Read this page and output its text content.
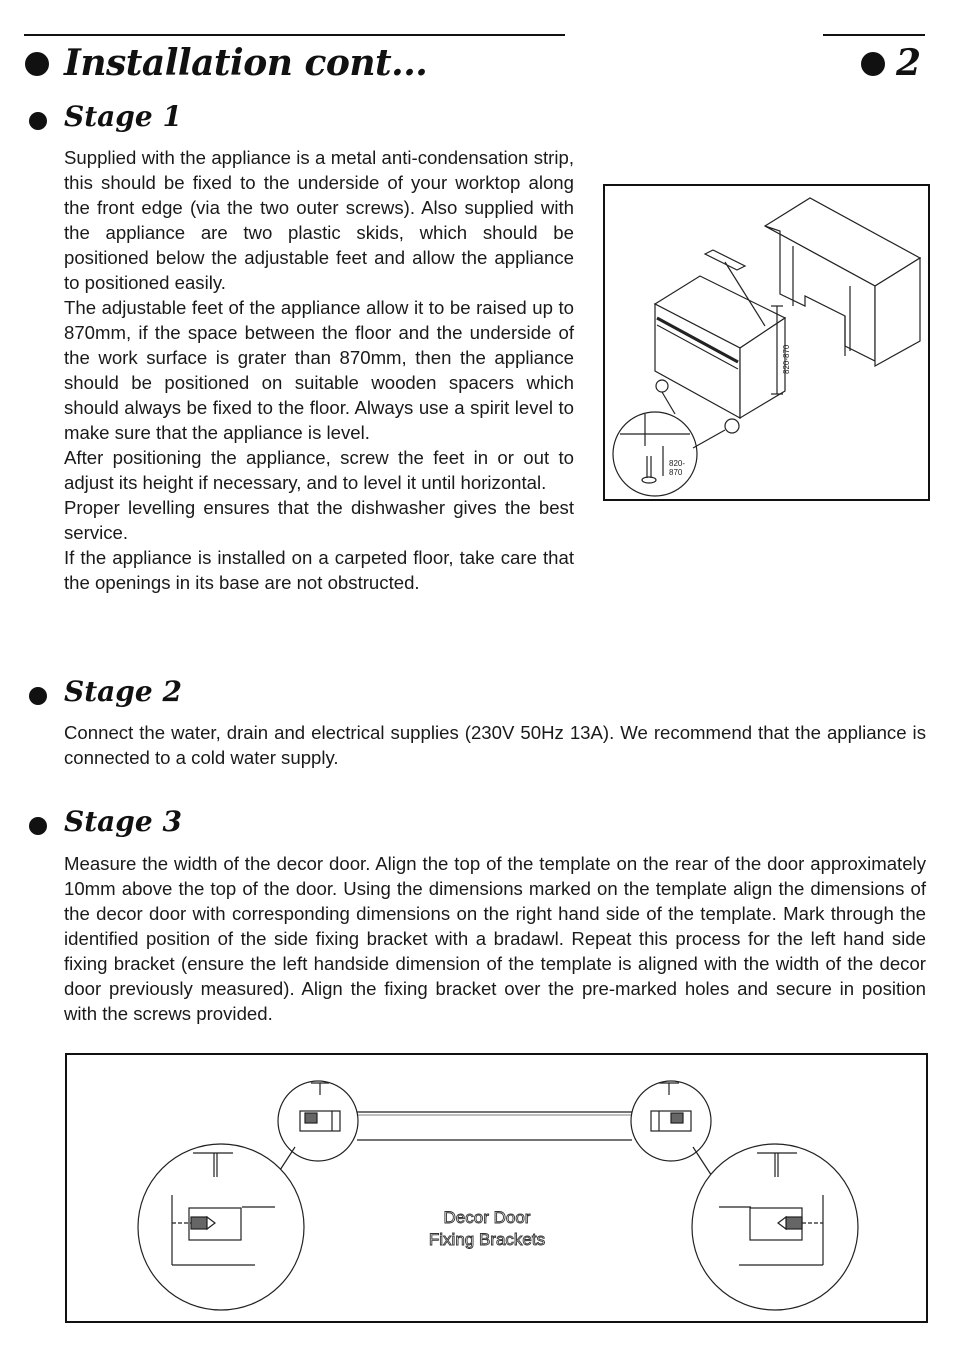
Installation cont...	2
Stage 1

Supplied with the appliance is a metal anti-condensation strip, this should be fixed to the underside of your worktop along the front edge (via the two outer screws). Also supplied with the appliance are two plastic skids, which should be positioned below the adjustable feet and allow the appliance to positioned easily.

The adjustable feet of the appliance allow it to be raised up to 870mm, if the space between the floor and the underside of the work surface is grater than 870mm, then the appliance should be positioned on suitable wooden spacers which should always be fixed to the floor. Always use a spirit level to make sure that the appliance is level.

After positioning the appliance, screw the feet in or out to adjust its height if necessary, and to level it until horizontal.

Proper levelling ensures that the dishwasher gives the best service.

If the appliance is installed on a carpeted floor, take care that the openings in its base are not obstructed.

820-870
820-
870
Stage 2

Connect the water, drain and electrical supplies (230V 50Hz 13A). We recommend that the appliance is connected to a cold water supply.

Stage 3

Measure the width of the decor door. Align the top of the template on the rear of the door approximately 10mm above the top of the door. Using the dimensions marked on the template align the dimensions of the decor door with corresponding dimensions on the right hand side of the template. Mark through the identified position of the side fixing bracket with a bradawl. Repeat this process for the left hand side fixing bracket (ensure the left handside dimension of the template is aligned with the width of the decor door previously measured). Align the fixing bracket over the pre-marked holes and secure in position with the screws provided.

Decor Door
Fixing Brackets
